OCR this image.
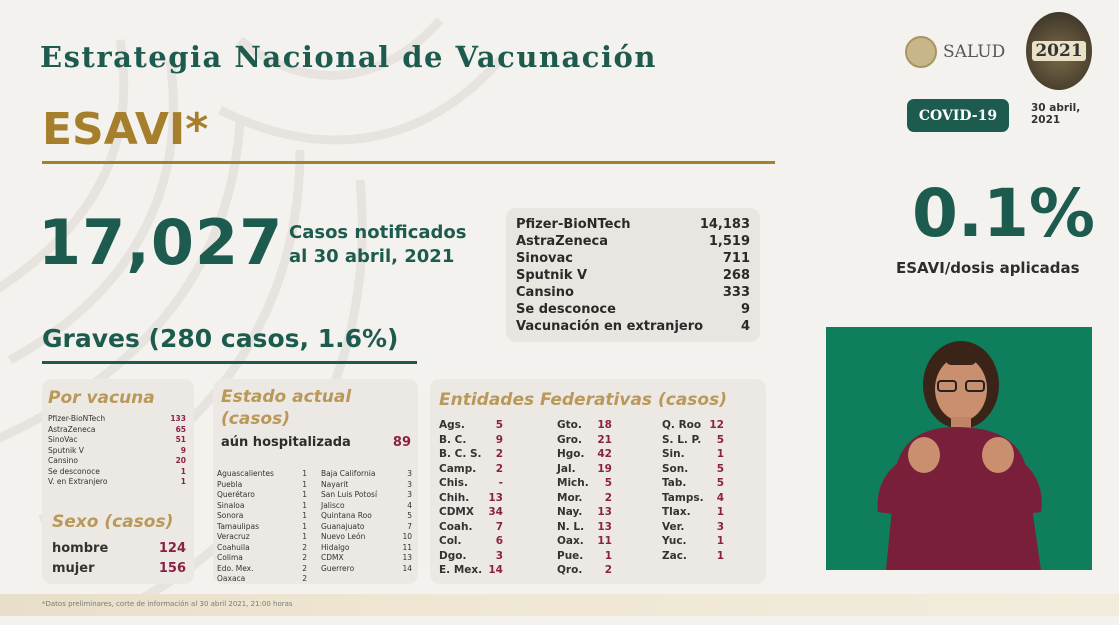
Estrategia Nacional de Vacunación
ESAVI*
17,027 Casos notificados
al 30 abril, 2021
Pfizer-BioNTech	14,183
AstraZeneca	1,519
Sinovac	711
Sputnik V	268
Cansino	333
Se desconoce	9
Vacunación en extranjero	4
SALUD 2021
COVID-19	30 abril,
2021
0.1%
ESAVI/dosis aplicadas
Graves (280 casos, 1.6%)
Por vacuna
Pfizer-BioNTech	133
AstraZeneca	65
SinoVac	51
Sputnik V	9
Cansino	20
Se desconoce	1
V. en Extranjero	1
Sexo (casos)
hombre	124
mujer	156
Estado actual
(casos)
aún hospitalizada	89
Aguascalientes	1
Puebla	1
Querétaro	1
Sinaloa	1
Sonora	1
Tamaulipas	1
Veracruz	1
Coahuila	2
Colima	2
Edo. Mex.	2
Oaxaca	2
Baja California	3
Nayarit	3
San Luis Potosí	3
Jalisco	4
Quintana Roo	5
Guanajuato	7
Nuevo León	10
Hidalgo	11
CDMX	13
Guerrero	14
Entidades Federativas (casos)
Ags.	5
B. C.	9
B. C. S. 2
Camp. 2
Chis.	-
Chih. 13
CDMX 34
Coah. 7
Col.	6
Dgo.	3
E. Mex. 14
Gto. 18
Gro. 21
Hgo. 42
Jal. 19
Mich. 5
Mor. 2
Nay. 13
N. L. 13
Oax. 11
Pue. 1
Qro. 2
Q. Roo 12
S. L. P. 5
Sin.	1
Son.	5
Tab.	5
Tamps. 4
Tlax. 1
Ver.	3
Yuc.	1
Zac.	1
*Datos preliminares, corte de información al 30 abril 2021, 21:00 horas
